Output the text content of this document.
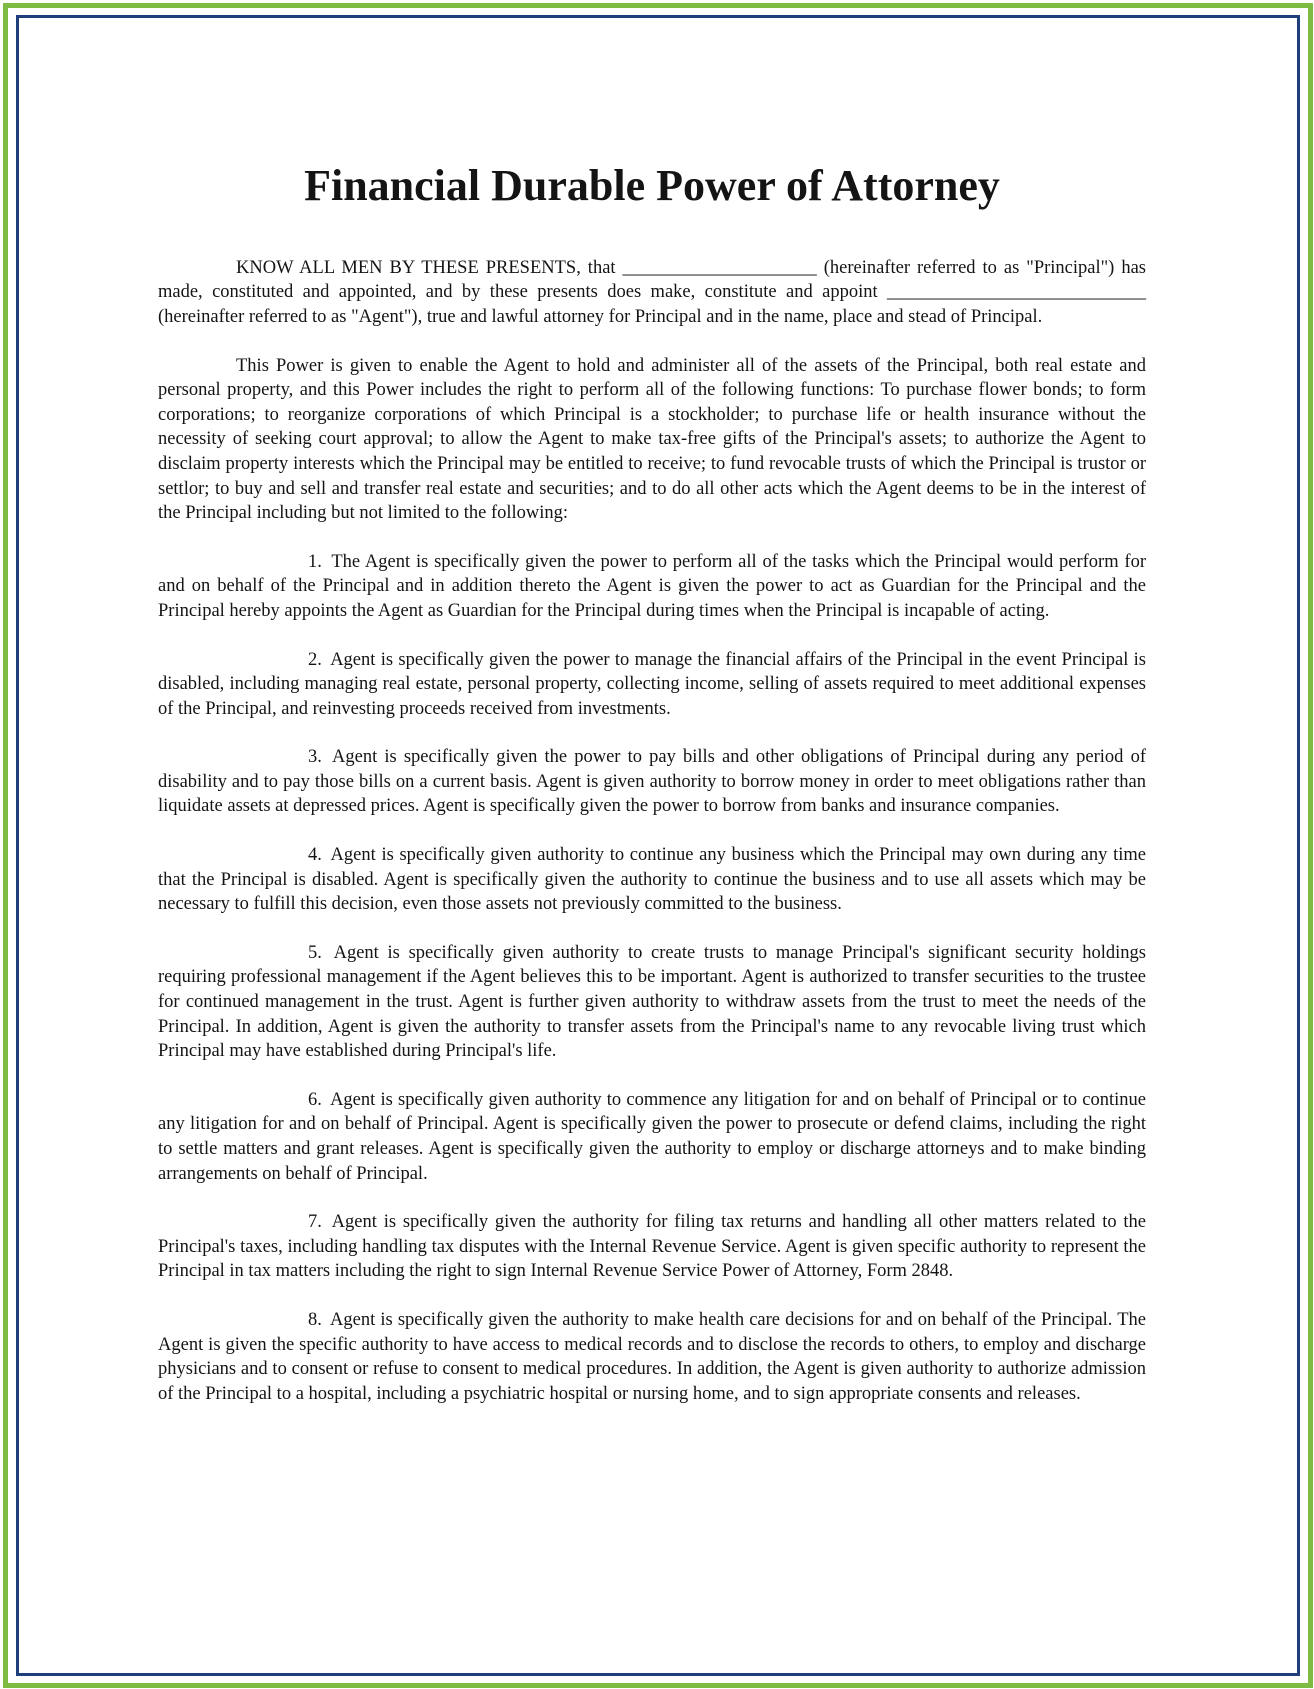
Financial Durable Power of Attorney

KNOW ALL MEN BY THESE PRESENTS, that _____________________ (hereinafter referred to as "Principal") has made, constituted and appointed, and by these presents does make, constitute and appoint ____________________________ (hereinafter referred to as "Agent"), true and lawful attorney for Principal and in the name, place and stead of Principal.

This Power is given to enable the Agent to hold and administer all of the assets of the Principal, both real estate and personal property, and this Power includes the right to perform all of the following functions: To purchase flower bonds; to form corporations; to reorganize corporations of which Principal is a stockholder; to purchase life or health insurance without the necessity of seeking court approval; to allow the Agent to make tax-free gifts of the Principal's assets; to authorize the Agent to disclaim property interests which the Principal may be entitled to receive; to fund revocable trusts of which the Principal is trustor or settlor; to buy and sell and transfer real estate and securities; and to do all other acts which the Agent deems to be in the interest of the Principal including but not limited to the following:

1. The Agent is specifically given the power to perform all of the tasks which the Principal would perform for and on behalf of the Principal and in addition thereto the Agent is given the power to act as Guardian for the Principal and the Principal hereby appoints the Agent as Guardian for the Principal during times when the Principal is incapable of acting.

2. Agent is specifically given the power to manage the financial affairs of the Principal in the event Principal is disabled, including managing real estate, personal property, collecting income, selling of assets required to meet additional expenses of the Principal, and reinvesting proceeds received from investments.

3. Agent is specifically given the power to pay bills and other obligations of Principal during any period of disability and to pay those bills on a current basis. Agent is given authority to borrow money in order to meet obligations rather than liquidate assets at depressed prices. Agent is specifically given the power to borrow from banks and insurance companies.

4. Agent is specifically given authority to continue any business which the Principal may own during any time that the Principal is disabled. Agent is specifically given the authority to continue the business and to use all assets which may be necessary to fulfill this decision, even those assets not previously committed to the business.

5. Agent is specifically given authority to create trusts to manage Principal's significant security holdings requiring professional management if the Agent believes this to be important. Agent is authorized to transfer securities to the trustee for continued management in the trust. Agent is further given authority to withdraw assets from the trust to meet the needs of the Principal. In addition, Agent is given the authority to transfer assets from the Principal's name to any revocable living trust which Principal may have established during Principal's life.

6. Agent is specifically given authority to commence any litigation for and on behalf of Principal or to continue any litigation for and on behalf of Principal. Agent is specifically given the power to prosecute or defend claims, including the right to settle matters and grant releases. Agent is specifically given the authority to employ or discharge attorneys and to make binding arrangements on behalf of Principal.

7. Agent is specifically given the authority for filing tax returns and handling all other matters related to the Principal's taxes, including handling tax disputes with the Internal Revenue Service. Agent is given specific authority to represent the Principal in tax matters including the right to sign Internal Revenue Service Power of Attorney, Form 2848.

8. Agent is specifically given the authority to make health care decisions for and on behalf of the Principal. The Agent is given the specific authority to have access to medical records and to disclose the records to others, to employ and discharge physicians and to consent or refuse to consent to medical procedures. In addition, the Agent is given authority to authorize admission of the Principal to a hospital, including a psychiatric hospital or nursing home, and to sign appropriate consents and releases.
